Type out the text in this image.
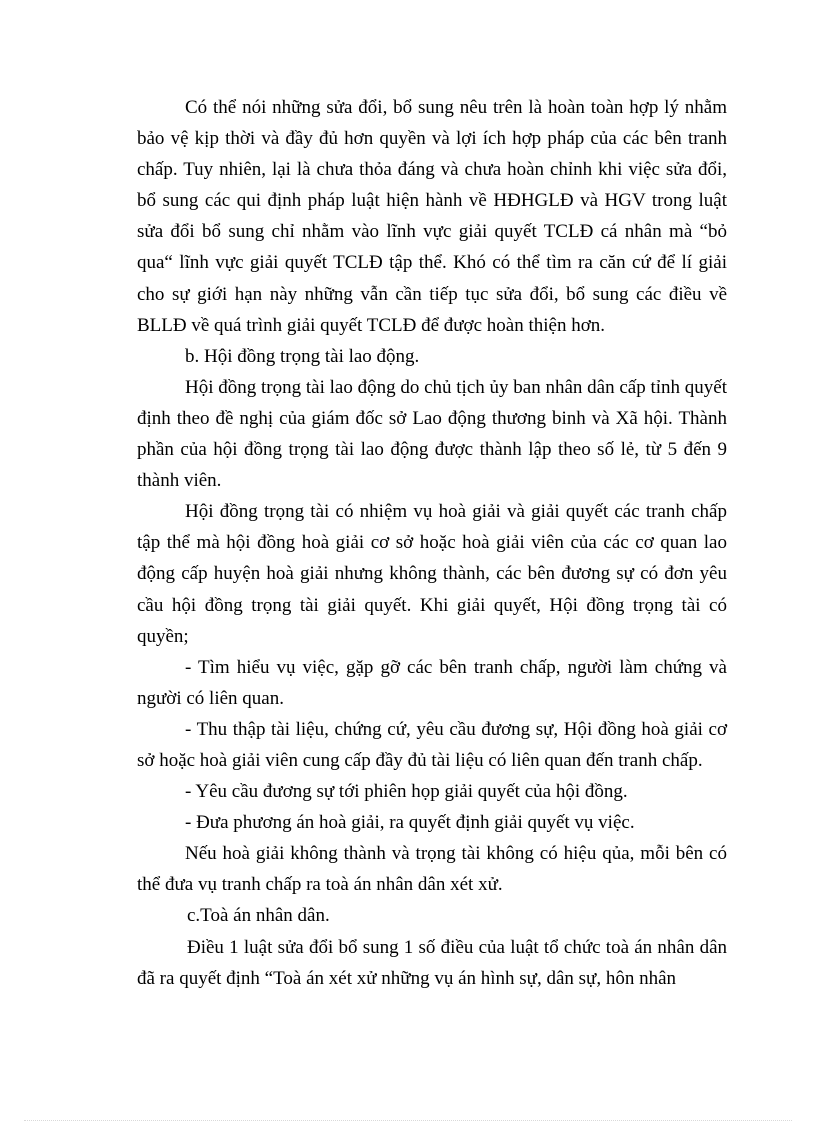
Có thể nói những sửa đổi, bổ sung nêu trên là hoàn toàn hợp lý nhằm bảo vệ kịp thời và đầy đủ hơn quyền và lợi ích hợp pháp của các bên tranh chấp. Tuy nhiên, lại là chưa thỏa đáng và chưa hoàn chỉnh khi việc sửa đổi, bổ sung các qui định pháp luật hiện hành về HĐHGLĐ và HGV trong luật sửa đổi bổ sung chỉ nhằm vào lĩnh vực giải quyết TCLĐ cá nhân mà “bỏ qua“ lĩnh vực giải quyết TCLĐ tập thể. Khó có thể tìm ra căn cứ để lí giải cho sự giới hạn này những vẫn cần tiếp tục sửa đổi, bổ sung các điều về BLLĐ về quá trình giải quyết TCLĐ để được hoàn thiện hơn.

b. Hội đồng trọng tài lao động.

Hội đồng trọng tài lao động do chủ tịch ủy ban nhân dân cấp tỉnh quyết định theo đề nghị của giám đốc sở Lao động thương binh và Xã hội. Thành phần của hội đồng trọng tài lao động được thành lập theo số lẻ, từ 5 đến 9 thành viên.

Hội đồng trọng tài có nhiệm vụ hoà giải và giải quyết các tranh chấp tập thể mà hội đồng hoà giải cơ sở hoặc hoà giải viên của các cơ quan lao động cấp huyện hoà giải nhưng không thành, các bên đương sự có đơn yêu cầu hội đồng trọng tài giải quyết. Khi giải quyết, Hội đồng trọng tài có quyền;

- Tìm hiểu vụ việc, gặp gỡ các bên tranh chấp, người làm chứng và người có liên quan.

- Thu thập tài liệu, chứng cứ, yêu cầu đương sự, Hội đồng hoà giải cơ sở hoặc hoà giải viên cung cấp đầy đủ tài liệu có liên quan đến tranh chấp.

- Yêu cầu đương sự tới phiên họp giải quyết của hội đồng.

- Đưa phương án hoà giải, ra quyết định giải quyết vụ việc.

Nếu hoà giải không thành và trọng tài không có hiệu qủa, mỗi bên có thể đưa vụ tranh chấp ra toà án nhân dân xét xử.

c.Toà án nhân dân.

Điều 1 luật sửa đổi bổ sung 1 số điều của luật tổ chức toà án nhân dân đã ra quyết định “Toà án xét xử những vụ án hình sự, dân sự, hôn nhân
